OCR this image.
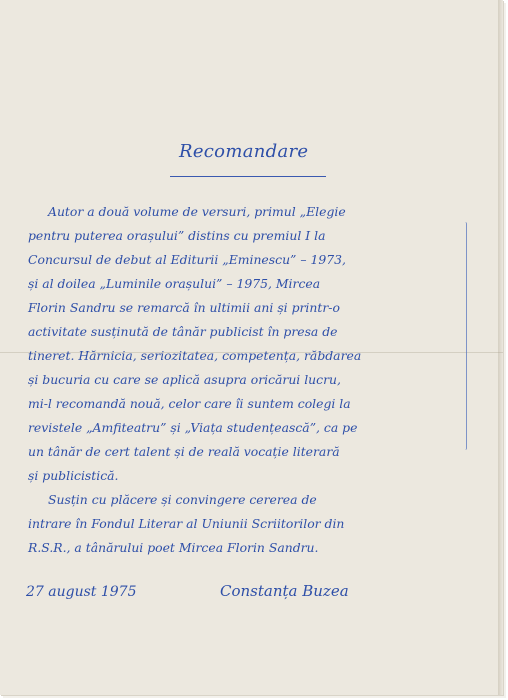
Recomandare
Autor a două volume de versuri, primul „Elegie
pentru puterea orașului” distins cu premiul I la
Concursul de debut al Editurii „Eminescu” – 1973,
și al doilea „Luminile orașului” – 1975, Mircea
Florin Sandru se remarcă în ultimii ani și printr-o
activitate susținută de tânăr publicist în presa de
tineret. Hărnicia, seriozitatea, competența, răbdarea
și bucuria cu care se aplică asupra oricărui lucru,
mi-l recomandă nouă, celor care îi suntem colegi la
revistele „Amfiteatru” și „Viața studențească”, ca pe
un tânăr de cert talent și de reală vocație literară
și publicistică.
Susțin cu plăcere și convingere cererea de
intrare în Fondul Literar al Uniunii Scriitorilor din
R.S.R., a tânărului poet Mircea Florin Sandru.
27 august 1975	Constanța Buzea
